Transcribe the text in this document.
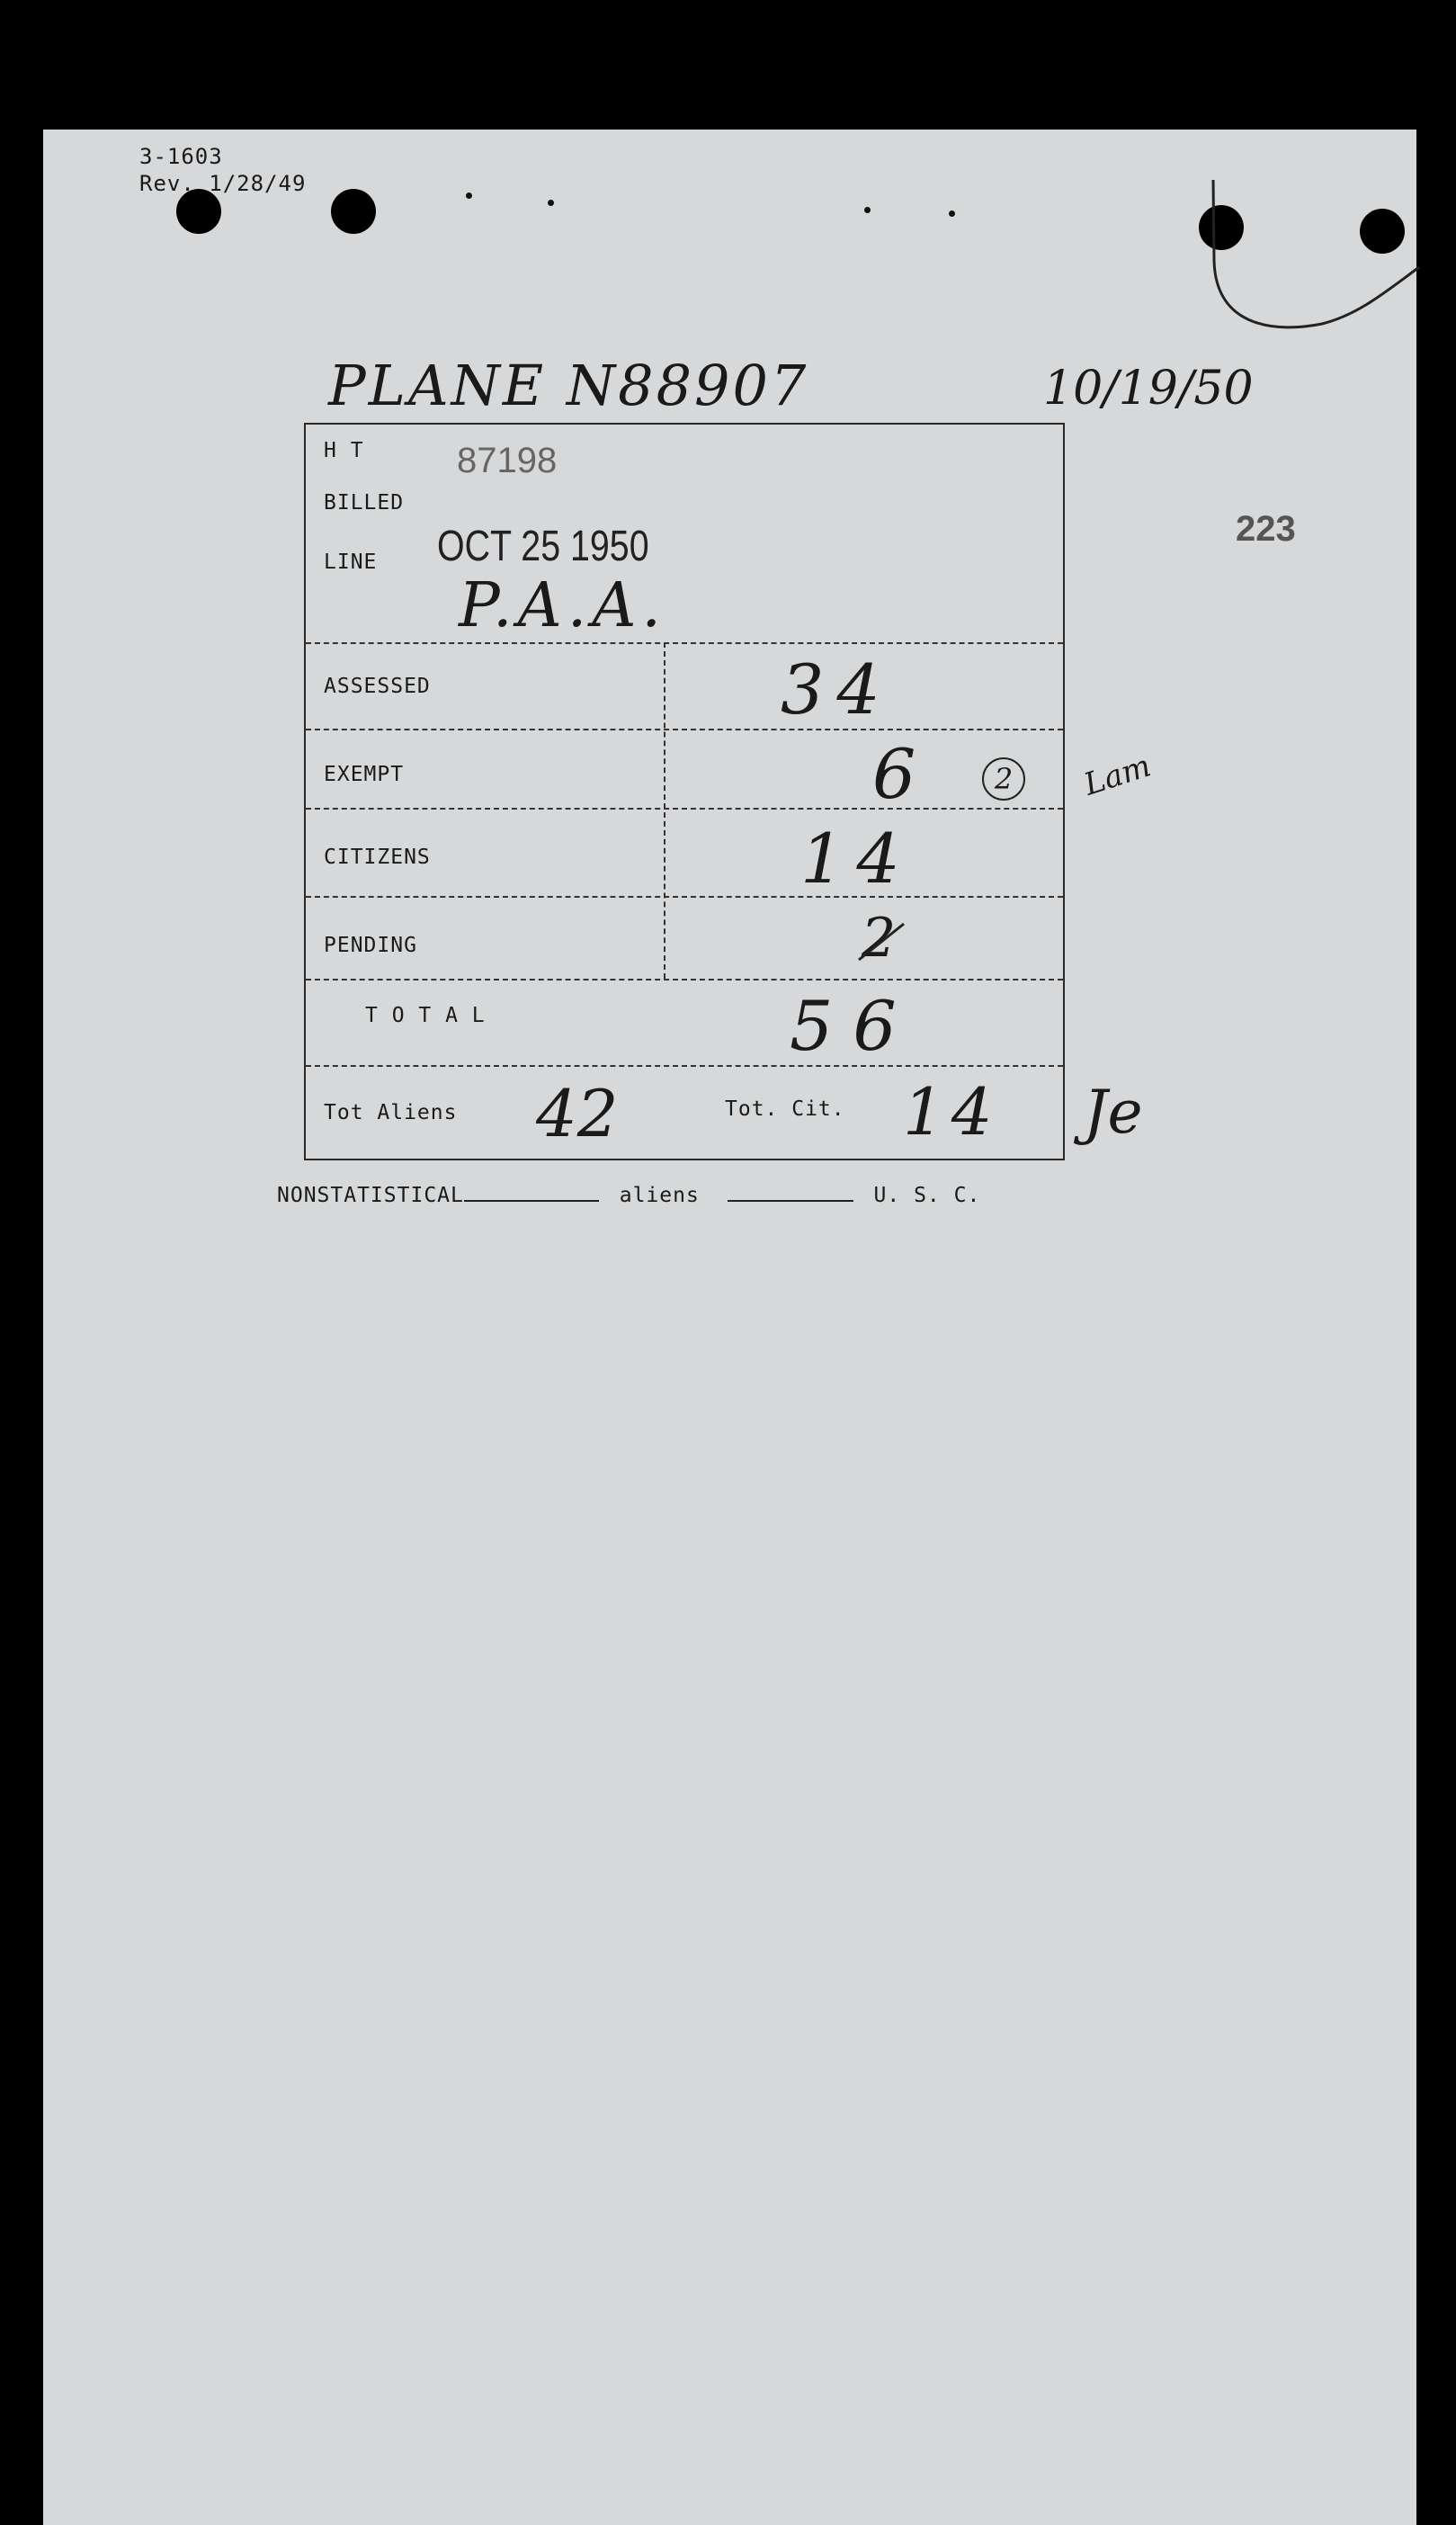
3-1603
Rev. 1/28/49
PLANE N88907	10/19/50
223
H T	87198
BILLED
LINE OCT 25 1950
P.A.A.
ASSESSED	34
EXEMPT	6	2
CITIZENS	14
PENDING	2
T O T A L	56
Tot Aliens 42	Tot. Cit. 14
Lam
Je
NONSTATISTICAL	aliens	U. S. C.
